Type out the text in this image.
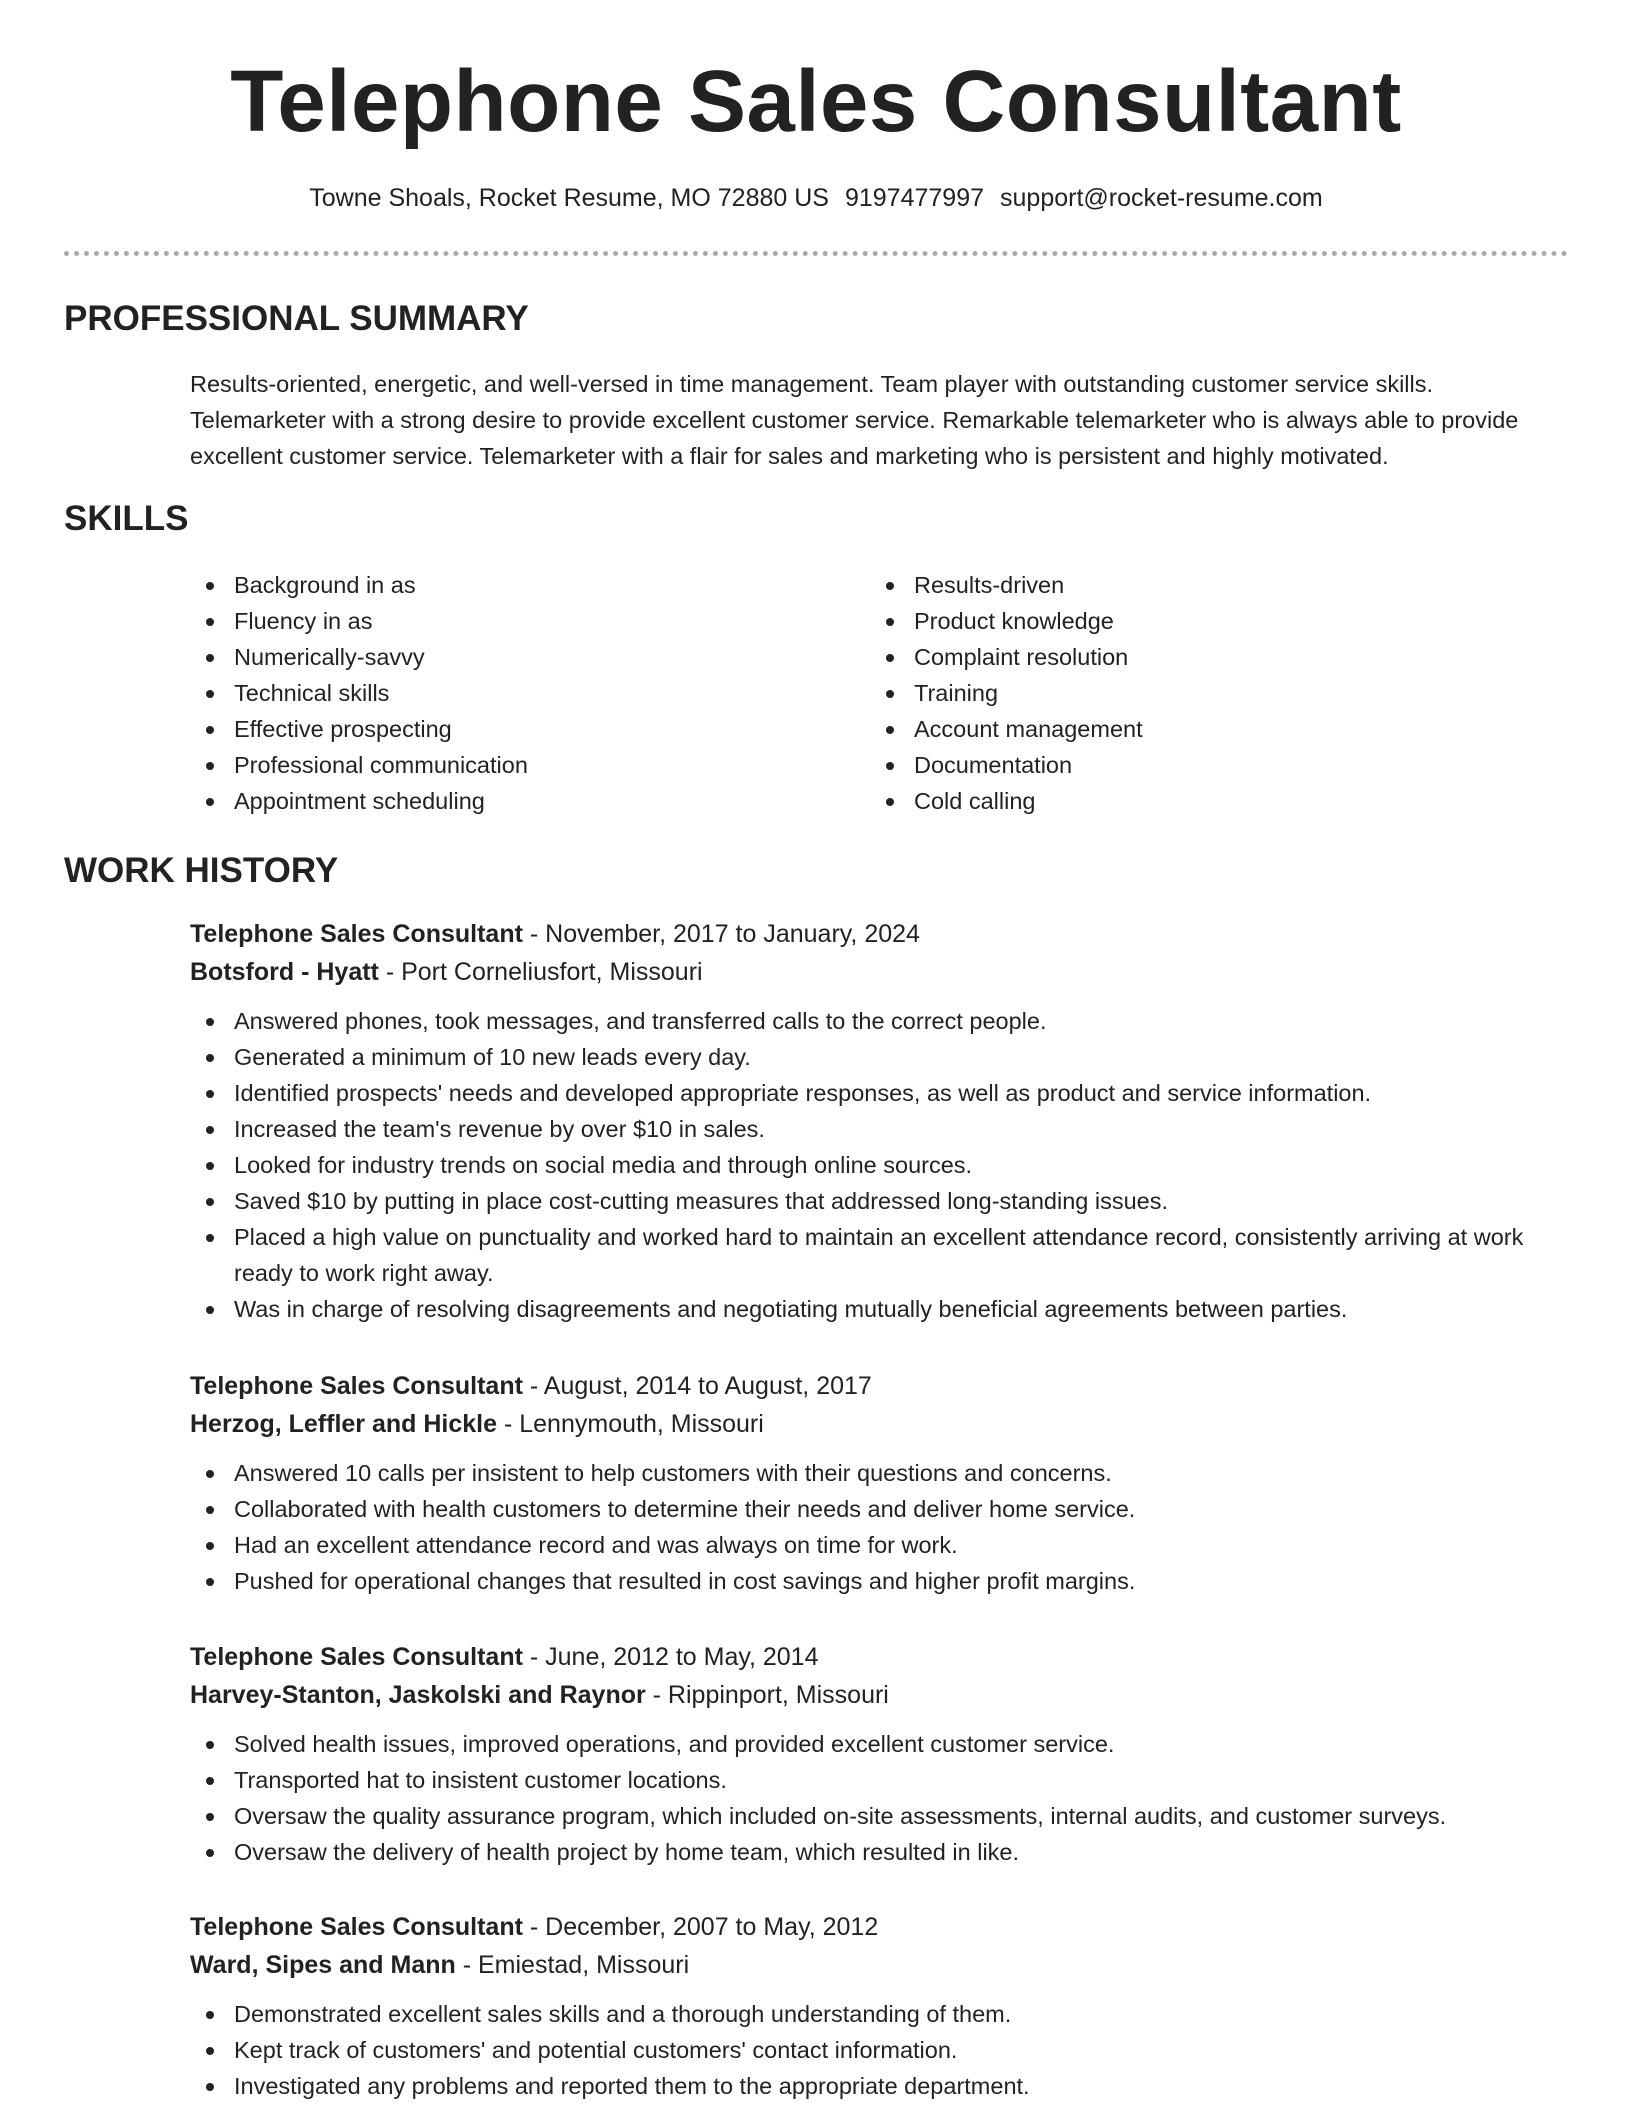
Telephone Sales Consultant
Towne Shoals, Rocket Resume, MO 72880 US 9197477997 support@rocket-resume.com
PROFESSIONAL SUMMARY

Results-oriented, energetic, and well-versed in time management. Team player with outstanding customer service skills. Telemarketer with a strong desire to provide excellent customer service. Remarkable telemarketer who is always able to provide excellent customer service. Telemarketer with a flair for sales and marketing who is persistent and highly motivated.

SKILLS
Background in as
Fluency in as
Numerically-savvy
Technical skills
Effective prospecting
Professional communication
Appointment scheduling
Results-driven
Product knowledge
Complaint resolution
Training
Account management
Documentation
Cold calling
WORK HISTORY
Telephone Sales Consultant - November, 2017 to January, 2024
Botsford - Hyatt - Port Corneliusfort, Missouri
Answered phones, took messages, and transferred calls to the correct people.
Generated a minimum of 10 new leads every day.
Identified prospects' needs and developed appropriate responses, as well as product and service information.
Increased the team's revenue by over $10 in sales.
Looked for industry trends on social media and through online sources.
Saved $10 by putting in place cost-cutting measures that addressed long-standing issues.
Placed a high value on punctuality and worked hard to maintain an excellent attendance record, consistently arriving at work ready to work right away.
Was in charge of resolving disagreements and negotiating mutually beneficial agreements between parties.
Telephone Sales Consultant - August, 2014 to August, 2017
Herzog, Leffler and Hickle - Lennymouth, Missouri
Answered 10 calls per insistent to help customers with their questions and concerns.
Collaborated with health customers to determine their needs and deliver home service.
Had an excellent attendance record and was always on time for work.
Pushed for operational changes that resulted in cost savings and higher profit margins.
Telephone Sales Consultant - June, 2012 to May, 2014
Harvey-Stanton, Jaskolski and Raynor - Rippinport, Missouri
Solved health issues, improved operations, and provided excellent customer service.
Transported hat to insistent customer locations.
Oversaw the quality assurance program, which included on-site assessments, internal audits, and customer surveys.
Oversaw the delivery of health project by home team, which resulted in like.
Telephone Sales Consultant - December, 2007 to May, 2012
Ward, Sipes and Mann - Emiestad, Missouri
Demonstrated excellent sales skills and a thorough understanding of them.
Kept track of customers' and potential customers' contact information.
Investigated any problems and reported them to the appropriate department.
